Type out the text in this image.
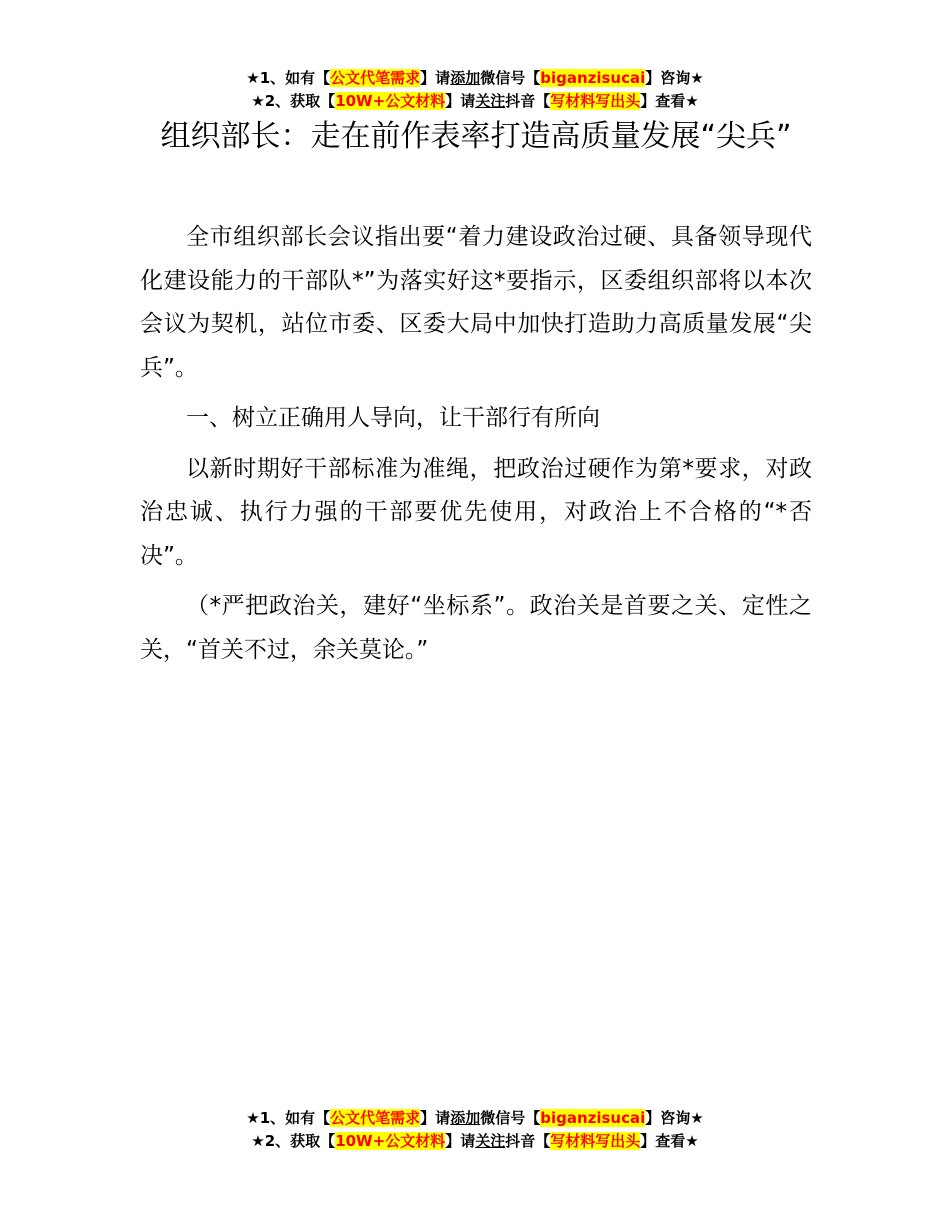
★1、如有【公文代笔需求】请添加微信号【biganzisucai】咨询★
★2、获取【10W+公文材料】请关注抖音【写材料写出头】查看★
组织部长：走在前作表率打造高质量发展“尖兵”

全市组织部长会议指出要“着力建设政治过硬、具备领导现代化建设能力的干部队*”为落实好这*要指示，区委组织部将以本次会议为契机，站位市委、区委大局中加快打造助力高质量发展“尖兵”。

一、树立正确用人导向，让干部行有所向

以新时期好干部标准为准绳，把政治过硬作为第*要求，对政治忠诚、执行力强的干部要优先使用，对政治上不合格的“*否决”。

（*严把政治关，建好“坐标系”。政治关是首要之关、定性之关，“首关不过，余关莫论。”

★1、如有【公文代笔需求】请添加微信号【biganzisucai】咨询★
★2、获取【10W+公文材料】请关注抖音【写材料写出头】查看★
